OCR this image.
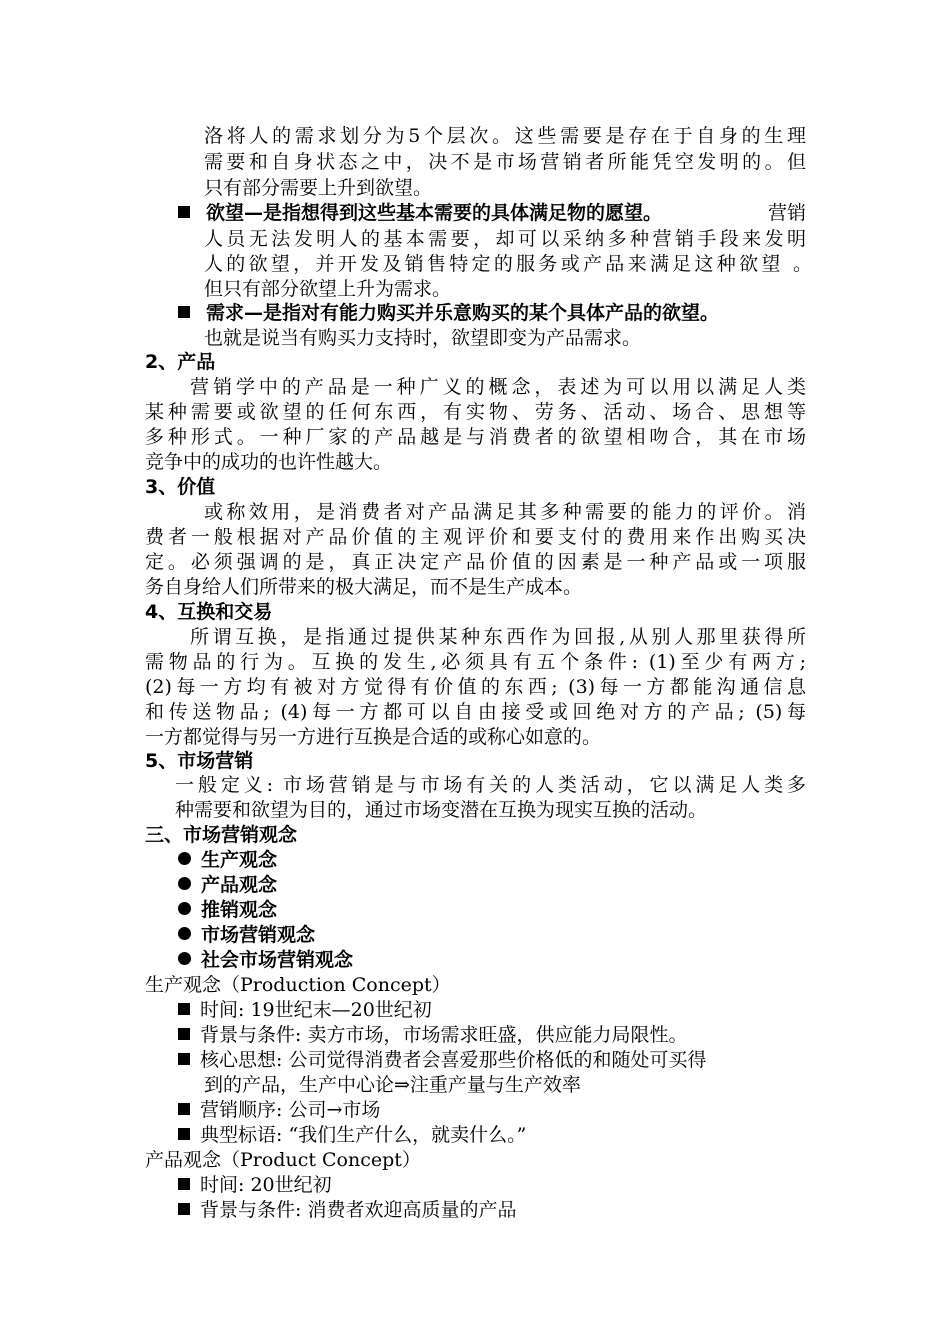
洛将人的需求划分为5个层次。这些需要是存在于自身的生理
需要和自身状态之中，决不是市场营销者所能凭空发明的。但
只有部分需要上升到欲望。
欲望—是指想得到这些基本需要的具体满足物的愿望。	营销
人员无法发明人的基本需要，却可以采纳多种营销手段来发明
人的欲望，并开发及销售特定的服务或产品来满足这种欲望 。
但只有部分欲望上升为需求。
需求—是指对有能力购买并乐意购买的某个具体产品的欲望。
也就是说当有购买力支持时，欲望即变为产品需求。
2、产品
营销学中的产品是一种广义的概念，表述为可以用以满足人类
某种需要或欲望的任何东西，有实物、劳务、活动、场合、思想等
多种形式。一种厂家的产品越是与消费者的欲望相吻合，其在市场
竞争中的成功的也许性越大。
3、价值
或称效用，是消费者对产品满足其多种需要的能力的评价。消
费者一般根据对产品价值的主观评价和要支付的费用来作出购买决
定。必须强调的是，真正决定产品价值的因素是一种产品或一项服
务自身给人们所带来的极大满足，而不是生产成本。
4、互换和交易
所谓互换，是指通过提供某种东西作为回报,从别人那里获得所
需物品的行为。互换的发生,必须具有五个条件: (1)至少有两方;
(2)每一方均有被对方觉得有价值的东西; (3)每一方都能沟通信息
和传送物品; (4)每一方都可以自由接受或回绝对方的产品; (5)每
一方都觉得与另一方进行互换是合适的或称心如意的。
5、市场营销
一般定义: 市场营销是与市场有关的人类活动，它以满足人类多
种需要和欲望为目的，通过市场变潜在互换为现实互换的活动。
三、市场营销观念
生产观念
产品观念
推销观念
市场营销观念
社会市场营销观念
生产观念（Production Concept）
时间: 19世纪末—20世纪初
背景与条件: 卖方市场，市场需求旺盛，供应能力局限性。
核心思想: 公司觉得消费者会喜爱那些价格低的和随处可买得
到的产品，生产中心论⇒注重产量与生产效率
营销顺序: 公司→市场
典型标语: “我们生产什么，就卖什么。”
产品观念（Product Concept）
时间: 20世纪初
背景与条件: 消费者欢迎高质量的产品
